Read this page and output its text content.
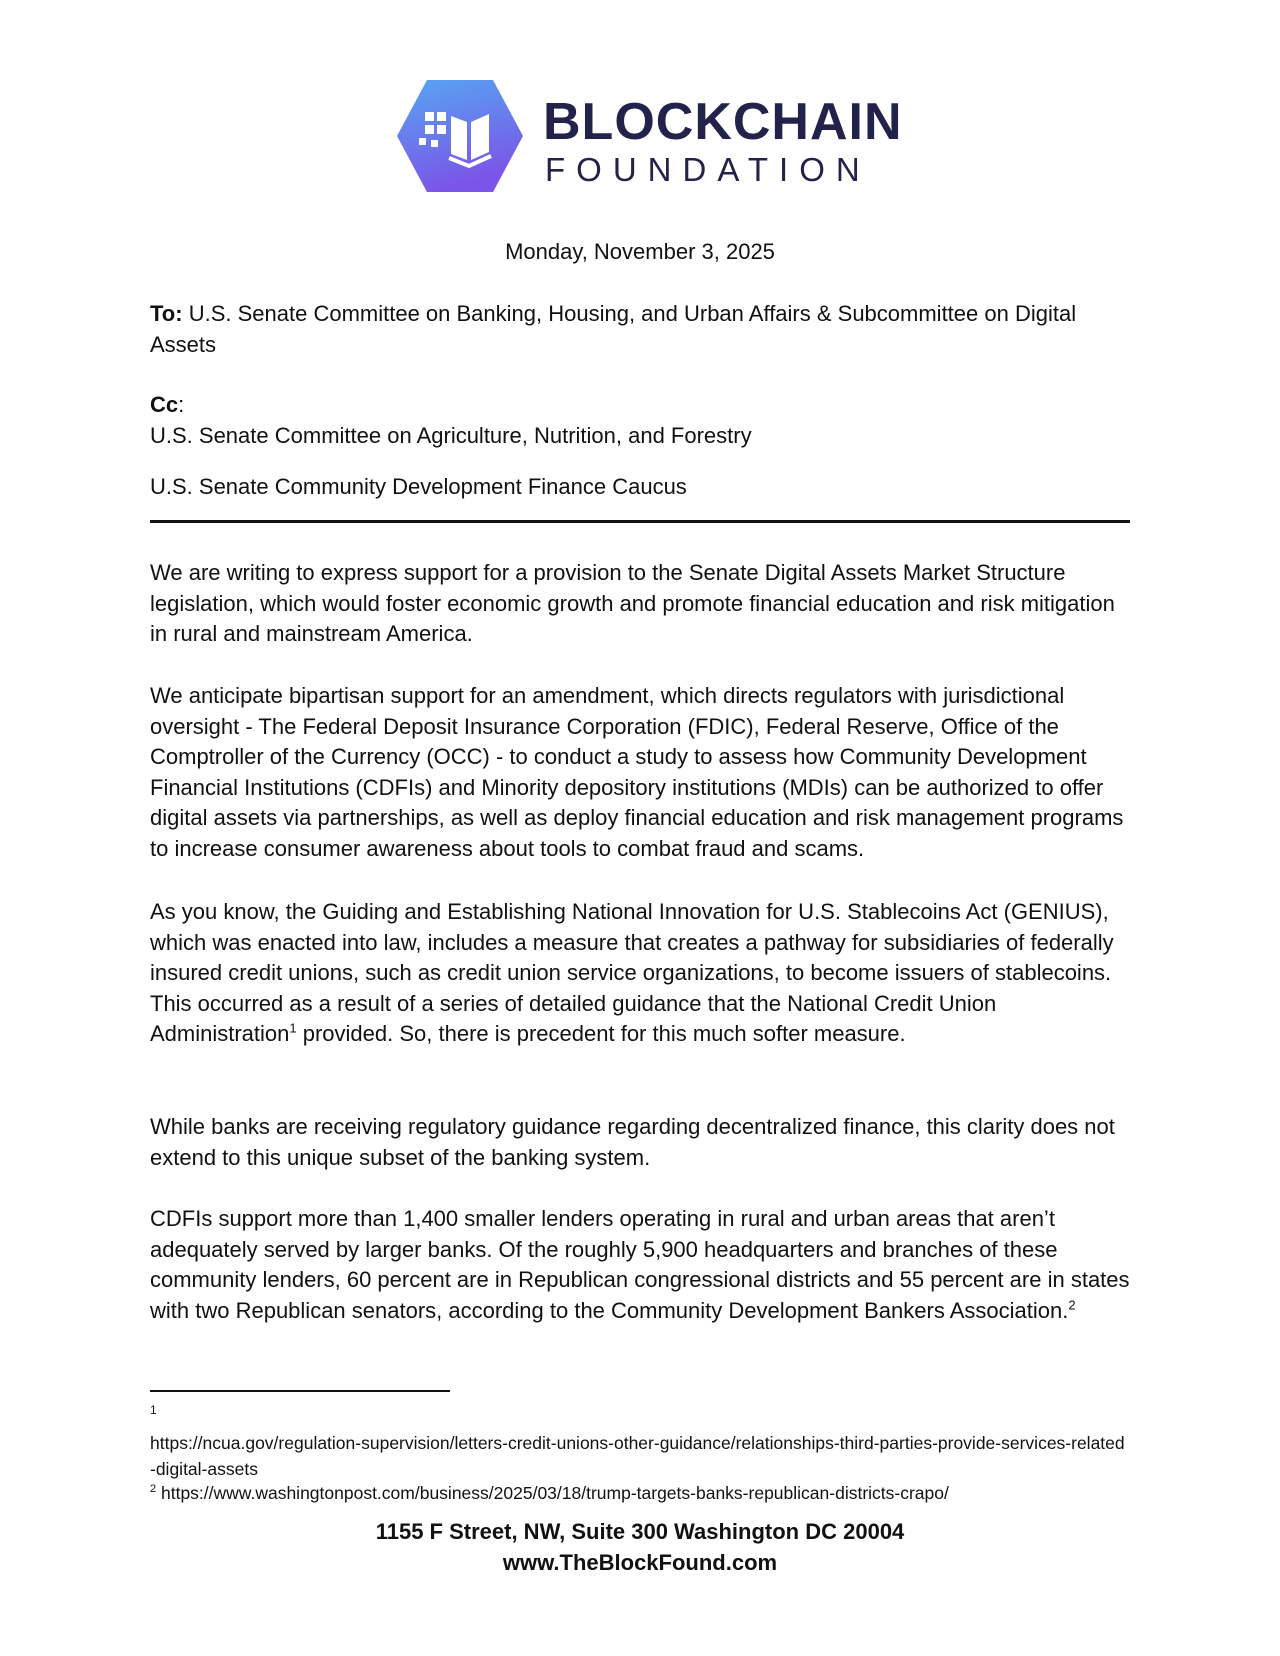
BLOCKCHAIN
FOUNDATION
Monday, November 3, 2025
To: U.S. Senate Committee on Banking, Housing, and Urban Affairs & Subcommittee on Digital Assets
Cc:
U.S. Senate Committee on Agriculture, Nutrition, and Forestry
U.S. Senate Community Development Finance Caucus
We are writing to express support for a provision to the Senate Digital Assets Market Structure legislation, which would foster economic growth and promote financial education and risk mitigation in rural and mainstream America.
We anticipate bipartisan support for an amendment, which directs regulators with jurisdictional oversight - The Federal Deposit Insurance Corporation (FDIC), Federal Reserve, Office of the Comptroller of the Currency (OCC) - to conduct a study to assess how Community Development Financial Institutions (CDFIs) and Minority depository institutions (MDIs) can be authorized to offer digital assets via partnerships, as well as deploy financial education and risk management programs to increase consumer awareness about tools to combat fraud and scams.
As you know, the Guiding and Establishing National Innovation for U.S. Stablecoins Act (GENIUS), which was enacted into law, includes a measure that creates a pathway for subsidiaries of federally insured credit unions, such as credit union service organizations, to become issuers of stablecoins. This occurred as a result of a series of detailed guidance that the National Credit Union Administration$^1$ provided. So, there is precedent for this much softer measure.
While banks are receiving regulatory guidance regarding decentralized finance, this clarity does not extend to this unique subset of the banking system.
CDFIs support more than 1,400 smaller lenders operating in rural and urban areas that aren’t adequately served by larger banks. Of the roughly 5,900 headquarters and branches of these community lenders, 60 percent are in Republican congressional districts and 55 percent are in states with two Republican senators, according to the Community Development Bankers Association.$^2$
1
https://ncua.gov/regulation-supervision/letters-credit-unions-other-guidance/relationships-third-parties-provide-services-related-digital-assets
$^2$ https://www.washingtonpost.com/business/2025/03/18/trump-targets-banks-republican-districts-crapo/
1155 F Street, NW, Suite 300 Washington DC 20004
www.TheBlockFound.com
